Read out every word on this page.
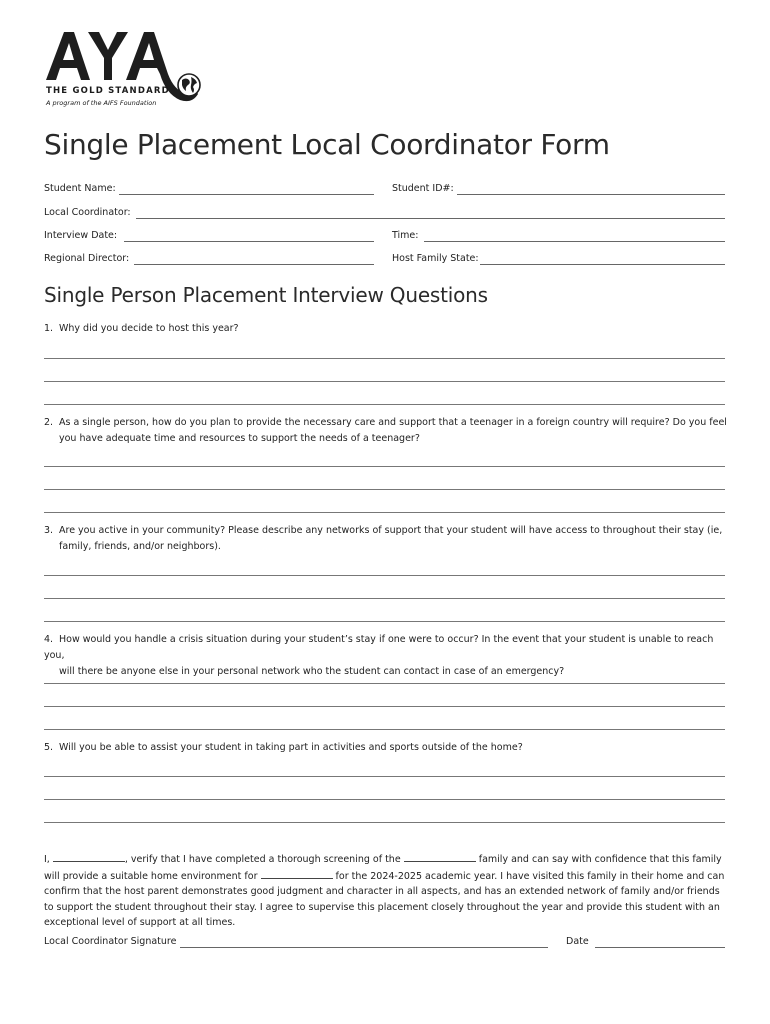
THE GOLD STANDARD
A program of the AIFS Foundation
Single Placement Local Coordinator Form
Student Name:	Student ID#:
Local Coordinator:
Interview Date:	Time:
Regional Director:	Host Family State:
Single Person Placement Interview Questions
1. Why did you decide to host this year?
2. As a single person, how do you plan to provide the necessary care and support that a teenager in a foreign country will require? Do you feel
you have adequate time and resources to support the needs of a teenager?
3. Are you active in your community? Please describe any networks of support that your student will have access to throughout their stay (ie,
family, friends, and/or neighbors).
4. How would you handle a crisis situation during your student’s stay if one were to occur? In the event that your student is unable to reach you,
will there be anyone else in your personal network who the student can contact in case of an emergency?
5. Will you be able to assist your student in taking part in activities and sports outside of the home?
I,	, verify that I have completed a thorough screening of the	family and can say with confidence that this family
will provide a suitable home environment for	for the 2024-2025 academic year. I have visited this family in their home and can
confirm that the host parent demonstrates good judgment and character in all aspects, and has an extended network of family and/or friends
to support the student throughout their stay. I agree to supervise this placement closely throughout the year and provide this student with an
exceptional level of support at all times.
Local Coordinator Signature	Date
